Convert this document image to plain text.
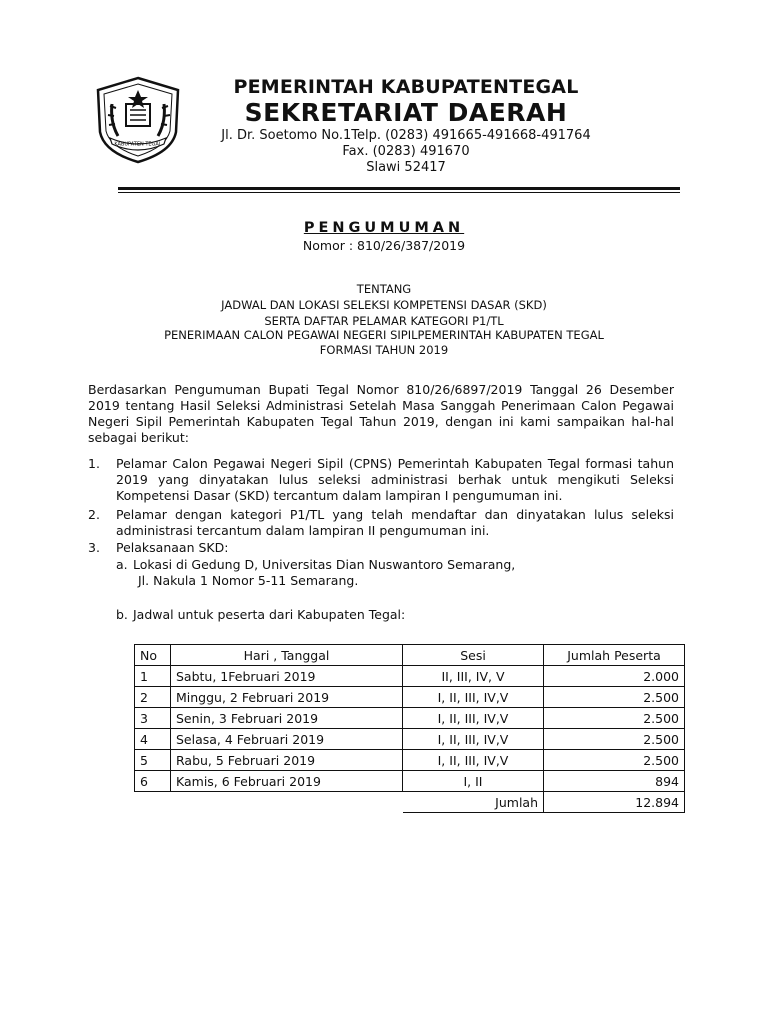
KABUPATEN TEGAL
PEMERINTAH KABUPATENTEGAL
SEKRETARIAT DAERAH
Jl. Dr. Soetomo No.1Telp. (0283) 491665-491668-491764
Fax. (0283) 491670
Slawi 52417
PENGUMUMAN
Nomor : 810/26/387/2019
TENTANG
JADWAL DAN LOKASI SELEKSI KOMPETENSI DASAR (SKD)
SERTA DAFTAR PELAMAR KATEGORI P1/TL
PENERIMAAN CALON PEGAWAI NEGERI SIPILPEMERINTAH KABUPATEN TEGAL
FORMASI TAHUN 2019
Berdasarkan Pengumuman Bupati Tegal Nomor 810/26/6897/2019 Tanggal 26 Desember 2019 tentang Hasil Seleksi Administrasi Setelah Masa Sanggah Penerimaan Calon Pegawai Negeri Sipil Pemerintah Kabupaten Tegal Tahun 2019, dengan ini kami sampaikan hal-hal sebagai berikut:
1. Pelamar Calon Pegawai Negeri Sipil (CPNS) Pemerintah Kabupaten Tegal formasi tahun 2019 yang dinyatakan lulus seleksi administrasi berhak untuk mengikuti Seleksi Kompetensi Dasar (SKD) tercantum dalam lampiran I pengumuman ini.
2. Pelamar dengan kategori P1/TL yang telah mendaftar dan dinyatakan lulus seleksi administrasi tercantum dalam lampiran II pengumuman ini.
3. Pelaksanaan SKD:
a. Lokasi di Gedung D, Universitas Dian Nuswantoro Semarang,
Jl. Nakula 1 Nomor 5-11 Semarang.
b. Jadwal untuk peserta dari Kabupaten Tegal:
No	Hari , Tanggal	Sesi	Jumlah Peserta
1	Sabtu, 1Februari 2019	II, III, IV, V	2.000
2	Minggu, 2 Februari 2019	I, II, III, IV,V	2.500
3	Senin, 3 Februari 2019	I, II, III, IV,V	2.500
4	Selasa, 4 Februari 2019	I, II, III, IV,V	2.500
5	Rabu, 5 Februari 2019	I, II, III, IV,V	2.500
6	Kamis, 6 Februari 2019	I, II	894
		Jumlah	12.894
